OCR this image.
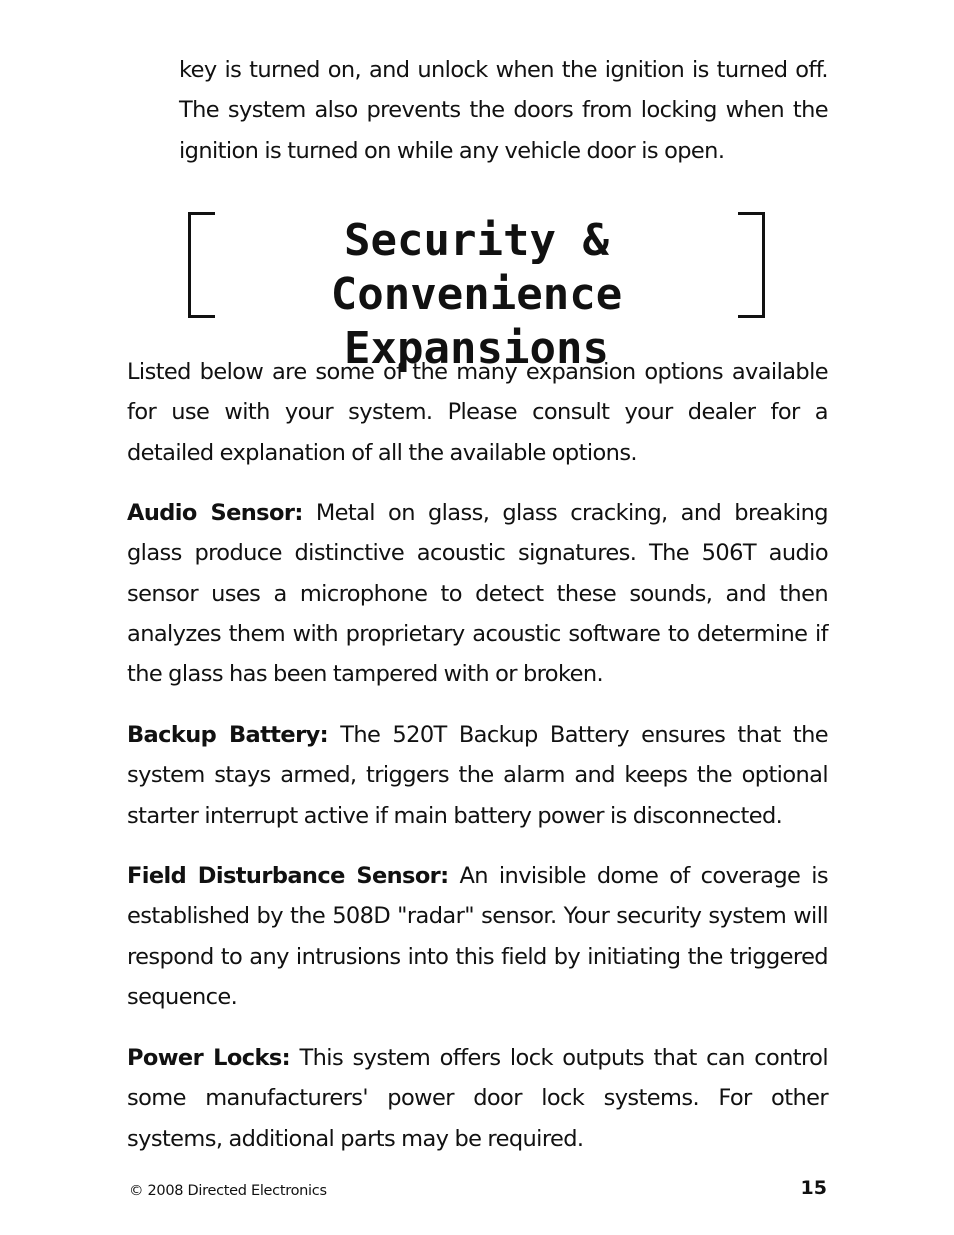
key is turned on, and unlock when the ignition is turned off. The system also prevents the doors from locking when the ignition is turned on while any vehicle door is open.

Security & Convenience
Expansions

Listed below are some of the many expansion options available for use with your system. Please consult your dealer for a detailed explanation of all the available options.

Audio Sensor: Metal on glass, glass cracking, and breaking glass produce distinctive acoustic signatures. The 506T audio sensor uses a microphone to detect these sounds, and then analyzes them with proprietary acoustic software to determine if the glass has been tampered with or broken.

Backup Battery: The 520T Backup Battery ensures that the system stays armed, triggers the alarm and keeps the optional starter interrupt active if main battery power is disconnected.

Field Disturbance Sensor: An invisible dome of coverage is established by the 508D "radar" sensor. Your security system will respond to any intrusions into this field by initiating the triggered sequence.

Power Locks: This system offers lock outputs that can control some manufacturers' power door lock systems. For other systems, additional parts may be required.

© 2008 Directed Electronics	15
